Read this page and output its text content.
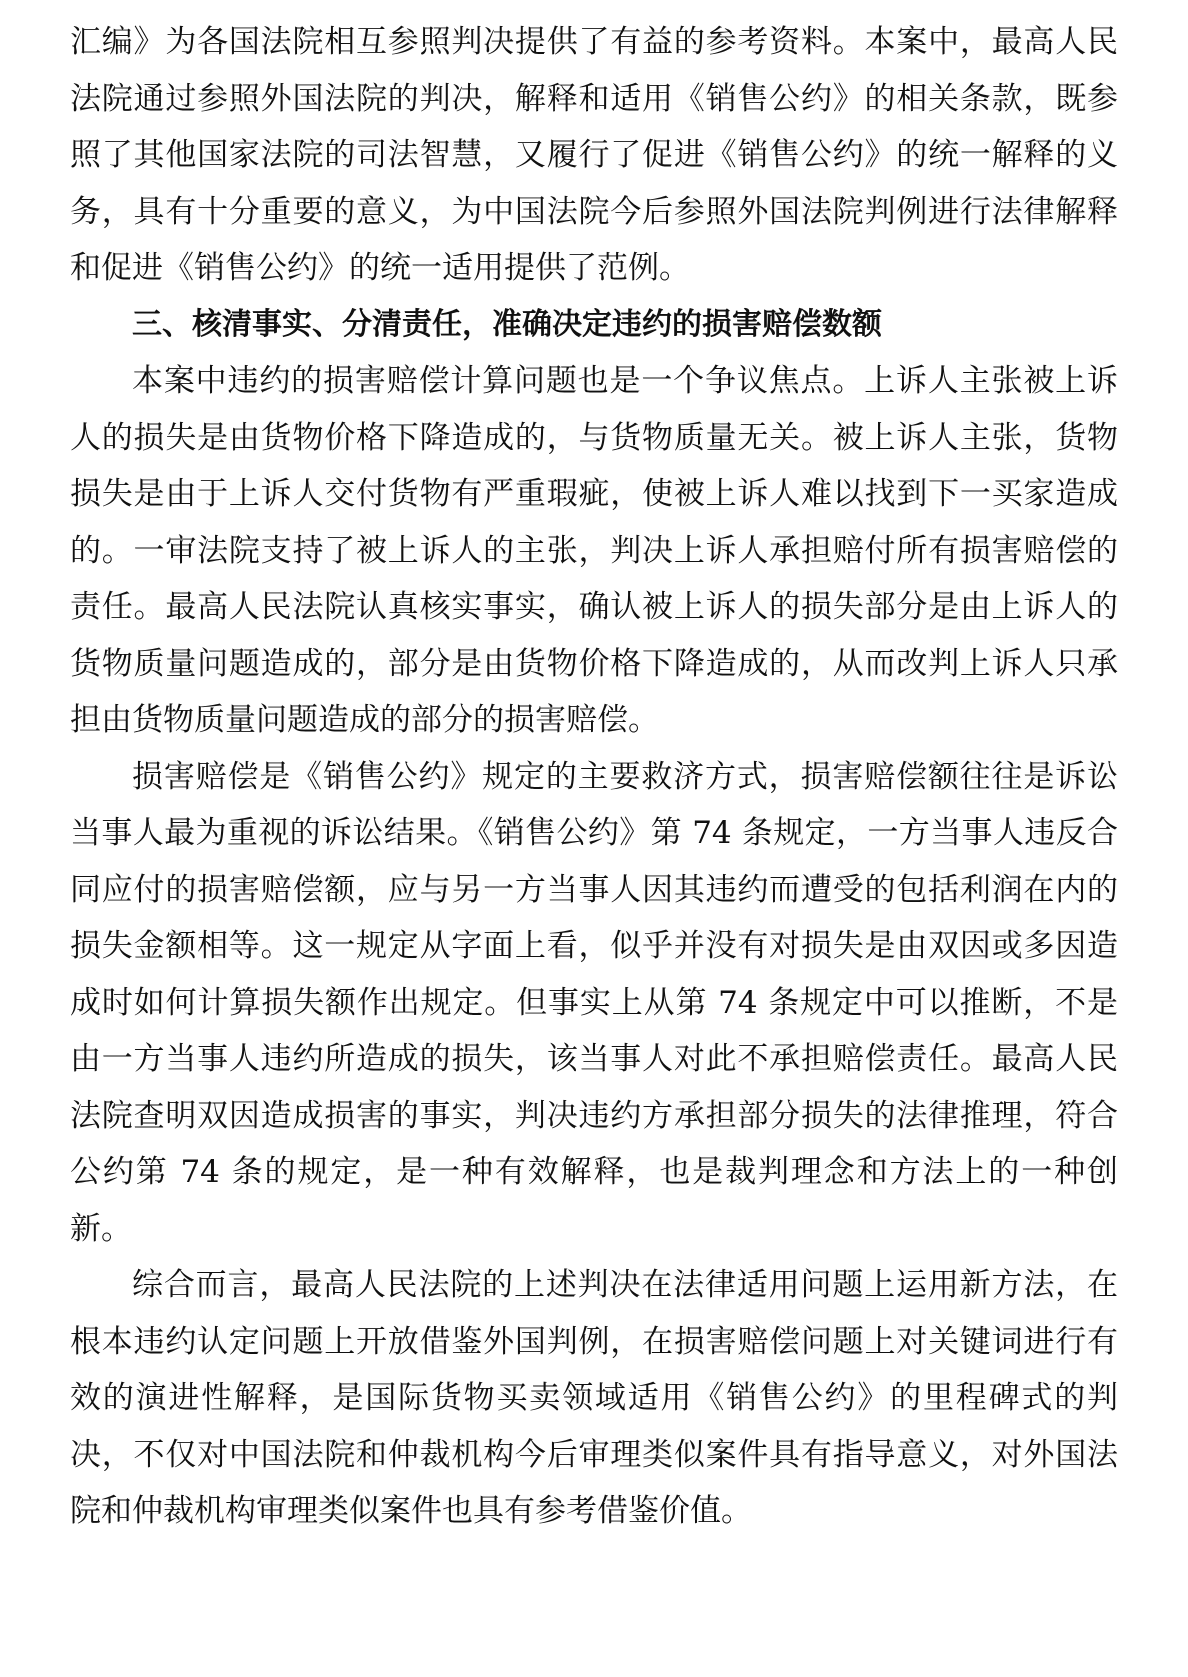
汇编》为各国法院相互参照判决提供了有益的参考资料。本案中，最高人民法院通过参照外国法院的判决，解释和适用《销售公约》的相关条款，既参照了其他国家法院的司法智慧，又履行了促进《销售公约》的统一解释的义务，具有十分重要的意义，为中国法院今后参照外国法院判例进行法律解释和促进《销售公约》的统一适用提供了范例。

三、核清事实、分清责任，准确决定违约的损害赔偿数额

本案中违约的损害赔偿计算问题也是一个争议焦点。上诉人主张被上诉人的损失是由货物价格下降造成的，与货物质量无关。被上诉人主张，货物损失是由于上诉人交付货物有严重瑕疵，使被上诉人难以找到下一买家造成的。一审法院支持了被上诉人的主张，判决上诉人承担赔付所有损害赔偿的责任。最高人民法院认真核实事实，确认被上诉人的损失部分是由上诉人的货物质量问题造成的，部分是由货物价格下降造成的，从而改判上诉人只承担由货物质量问题造成的部分的损害赔偿。

损害赔偿是《销售公约》规定的主要救济方式，损害赔偿额往往是诉讼当事人最为重视的诉讼结果。《销售公约》第 74 条规定，一方当事人违反合同应付的损害赔偿额，应与另一方当事人因其违约而遭受的包括利润在内的损失金额相等。这一规定从字面上看，似乎并没有对损失是由双因或多因造成时如何计算损失额作出规定。但事实上从第 74 条规定中可以推断，不是由一方当事人违约所造成的损失，该当事人对此不承担赔偿责任。最高人民法院查明双因造成损害的事实，判决违约方承担部分损失的法律推理，符合公约第 74 条的规定，是一种有效解释，也是裁判理念和方法上的一种创新。

综合而言，最高人民法院的上述判决在法律适用问题上运用新方法，在根本违约认定问题上开放借鉴外国判例，在损害赔偿问题上对关键词进行有效的演进性解释，是国际货物买卖领域适用《销售公约》的里程碑式的判决，不仅对中国法院和仲裁机构今后审理类似案件具有指导意义，对外国法院和仲裁机构审理类似案件也具有参考借鉴价值。
